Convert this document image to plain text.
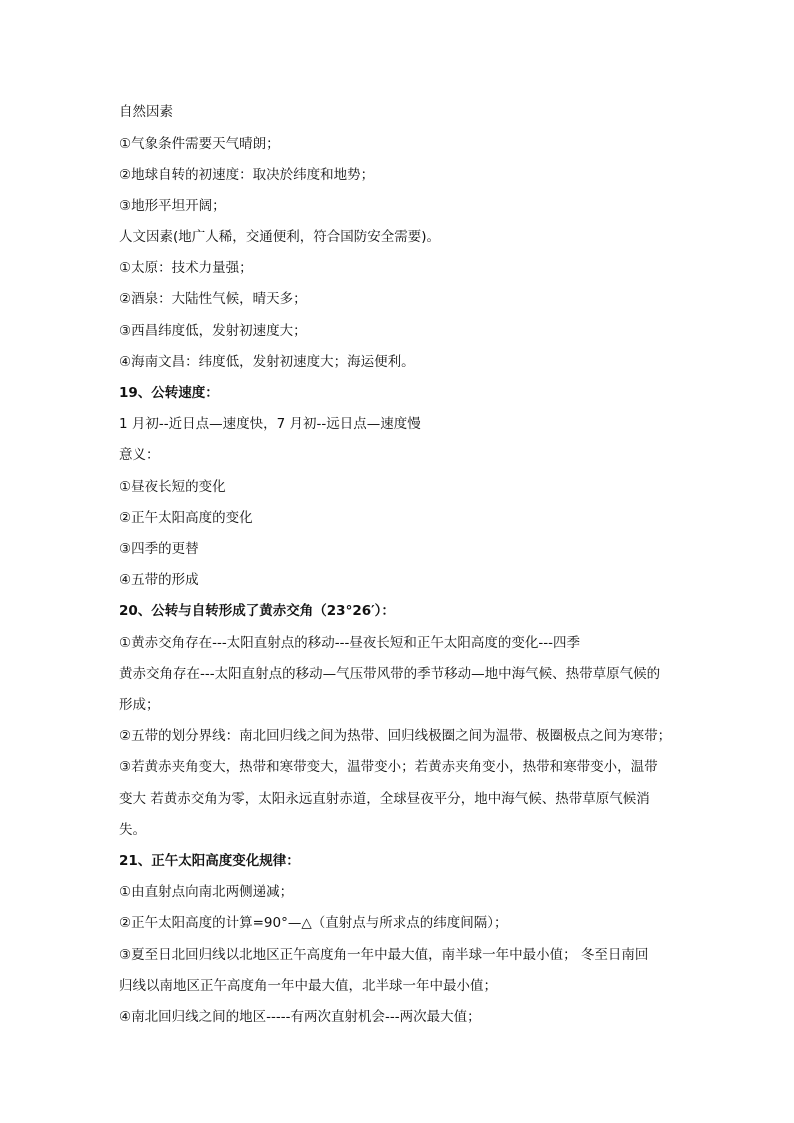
自然因素
①气象条件需要天气晴朗；
②地球自转的初速度：取决於纬度和地势；
③地形平坦开阔；
人文因素(地广人稀，交通便利，符合国防安全需要)。
①太原：技术力量强；
②酒泉：大陆性气候，晴天多；
③西昌纬度低，发射初速度大；
④海南文昌：纬度低，发射初速度大；海运便利。
19、公转速度：
1 月初--近日点—速度快，7 月初--远日点—速度慢
意义：
①昼夜长短的变化
②正午太阳高度的变化
③四季的更替
④五带的形成
20、公转与自转形成了黄赤交角（23°26′）：
①黄赤交角存在---太阳直射点的移动---昼夜长短和正午太阳高度的变化---四季
黄赤交角存在---太阳直射点的移动—气压带风带的季节移动—地中海气候、热带草原气候的
形成；
②五带的划分界线：南北回归线之间为热带、回归线极圈之间为温带、极圈极点之间为寒带；
③若黄赤夹角变大，热带和寒带变大，温带变小；若黄赤夹角变小，热带和寒带变小，温带
变大 若黄赤交角为零，太阳永远直射赤道，全球昼夜平分，地中海气候、热带草原气候消
失。
21、正午太阳高度变化规律：
①由直射点向南北两侧递减；
②正午太阳高度的计算=90°—△（直射点与所求点的纬度间隔）；
③夏至日北回归线以北地区正午高度角一年中最大值，南半球一年中最小值； 冬至日南回
归线以南地区正午高度角一年中最大值，北半球一年中最小值；
④南北回归线之间的地区-----有两次直射机会---两次最大值；
